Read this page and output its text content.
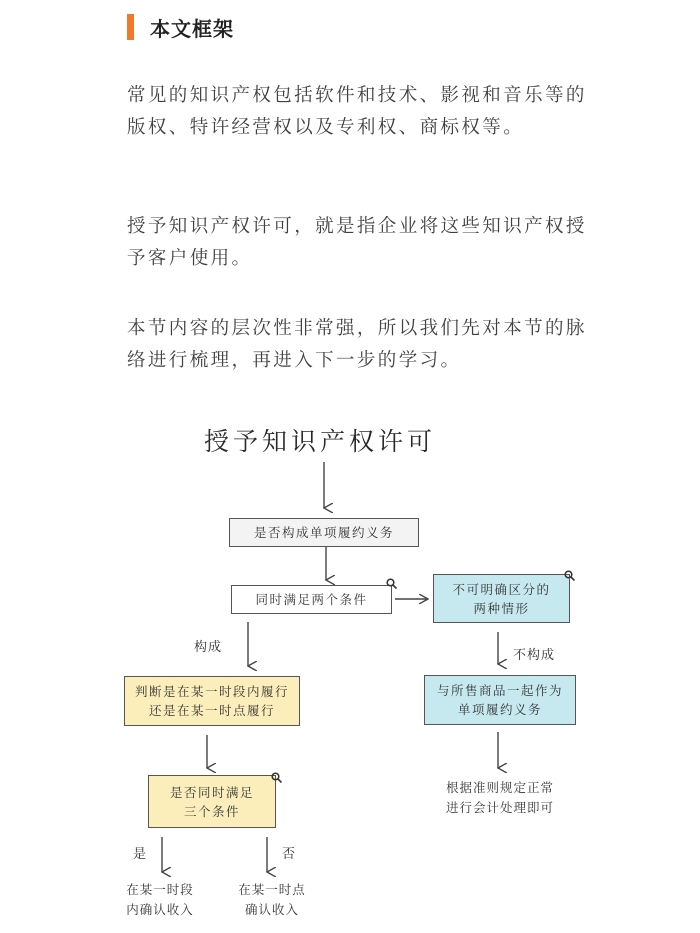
本文框架
常见的知识产权包括软件和技术、影视和音乐等的版权、特许经营权以及专利权、商标权等。
授予知识产权许可，就是指企业将这些知识产权授予客户使用。
本节内容的层次性非常强，所以我们先对本节的脉络进行梳理，再进入下一步的学习。
授予知识产权许可
是否构成单项履约义务
同时满足两个条件
不可明确区分的
两种情形
构成
不构成
判断是在某一时段内履行
还是在某一时点履行
与所售商品一起作为
单项履约义务
是否同时满足
三个条件
根据准则规定正常
进行会计处理即可
是	否
在某一时段
内确认收入
在某一时点
确认收入
